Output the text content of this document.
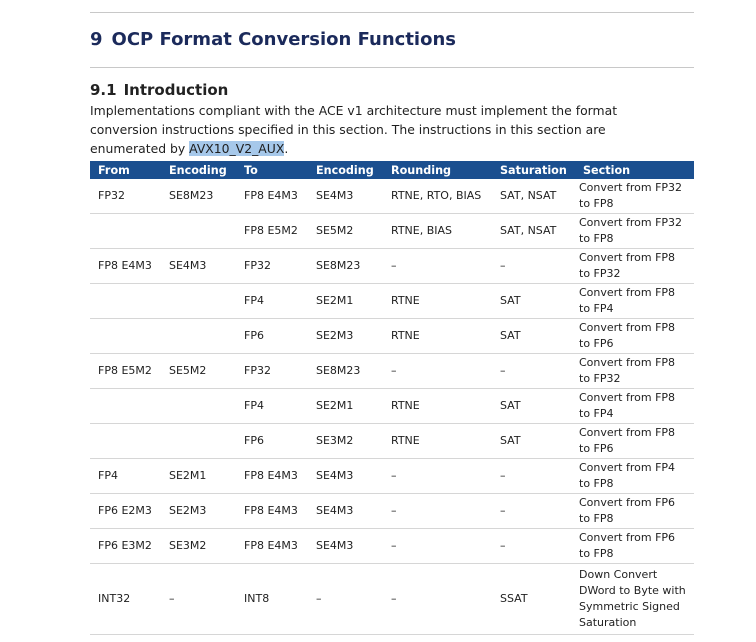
9 OCP Format Conversion Functions
9.1 Introduction
Implementations compliant with the ACE v1 architecture must implement the format
conversion instructions specified in this section. The instructions in this section are
enumerated by AVX10_V2_AUX.
From	Encoding	To	Encoding	Rounding	Saturation	Section
FP32	SE8M23	FP8 E4M3	SE4M3	RTNE, RTO, BIAS	SAT, NSAT	Convert from FP32 to FP8
		FP8 E5M2	SE5M2	RTNE, BIAS	SAT, NSAT	Convert from FP32 to FP8
FP8 E4M3	SE4M3	FP32	SE8M23	–	–	Convert from FP8 to FP32
		FP4	SE2M1	RTNE	SAT	Convert from FP8 to FP4
		FP6	SE2M3	RTNE	SAT	Convert from FP8 to FP6
FP8 E5M2	SE5M2	FP32	SE8M23	–	–	Convert from FP8 to FP32
		FP4	SE2M1	RTNE	SAT	Convert from FP8 to FP4
		FP6	SE3M2	RTNE	SAT	Convert from FP8 to FP6
FP4	SE2M1	FP8 E4M3	SE4M3	–	–	Convert from FP4 to FP8
FP6 E2M3	SE2M3	FP8 E4M3	SE4M3	–	–	Convert from FP6 to FP8
FP6 E3M2	SE3M2	FP8 E4M3	SE4M3	–	–	Convert from FP6 to FP8
INT32	–	INT8	–	–	SSAT	Down Convert DWord to Byte with Symmetric Signed Saturation
